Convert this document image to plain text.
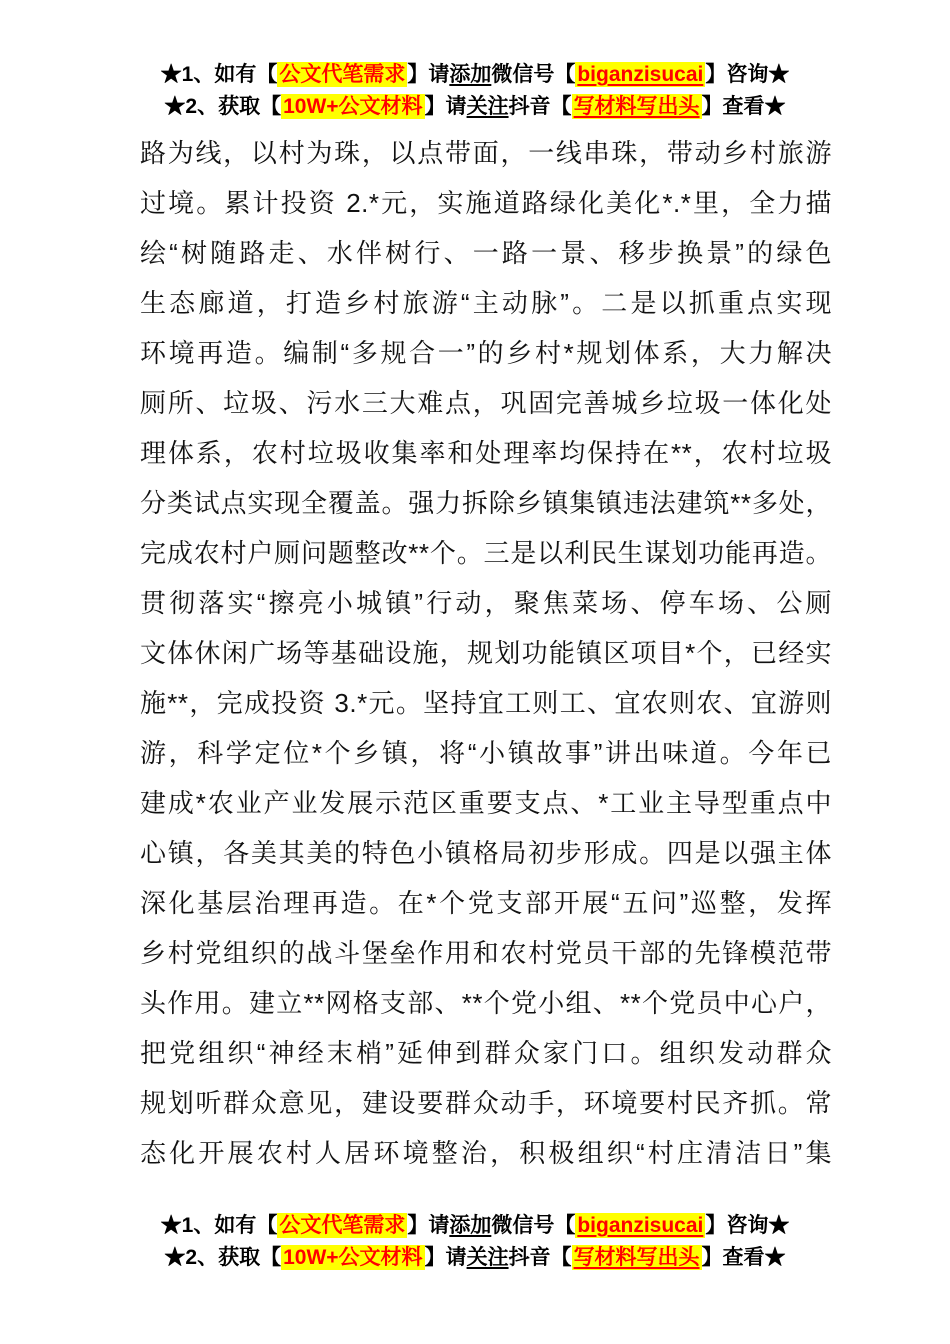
★1、如有【公文代笔需求】请添加微信号【biganzisucai】咨询★
★2、获取【10W+公文材料】请关注抖音【写材料写出头】查看★
路为线，以村为珠，以点带面，一线串珠，带动乡村旅游
过境。累计投资 2.*元，实施道路绿化美化*.*里，全力描
绘“树随路走、水伴树行、一路一景、移步换景”的绿色
生态廊道，打造乡村旅游“主动脉”。二是以抓重点实现
环境再造。编制“多规合一”的乡村*规划体系，大力解决
厕所、垃圾、污水三大难点，巩固完善城乡垃圾一体化处
理体系，农村垃圾收集率和处理率均保持在**，农村垃圾
分类试点实现全覆盖。强力拆除乡镇集镇违法建筑**多处，
完成农村户厕问题整改**个。三是以利民生谋划功能再造。
贯彻落实“擦亮小城镇”行动，聚焦菜场、停车场、公厕
文体休闲广场等基础设施，规划功能镇区项目*个，已经实
施**，完成投资 3.*元。坚持宜工则工、宜农则农、宜游则
游，科学定位*个乡镇，将“小镇故事”讲出味道。今年已
建成*农业产业发展示范区重要支点、*工业主导型重点中
心镇，各美其美的特色小镇格局初步形成。四是以强主体
深化基层治理再造。在*个党支部开展“五问”巡整，发挥
乡村党组织的战斗堡垒作用和农村党员干部的先锋模范带
头作用。建立**网格支部、**个党小组、**个党员中心户，
把党组织“神经末梢”延伸到群众家门口。组织发动群众
规划听群众意见，建设要群众动手，环境要村民齐抓。常
态化开展农村人居环境整治，积极组织“村庄清洁日”集
★1、如有【公文代笔需求】请添加微信号【biganzisucai】咨询★
★2、获取【10W+公文材料】请关注抖音【写材料写出头】查看★
